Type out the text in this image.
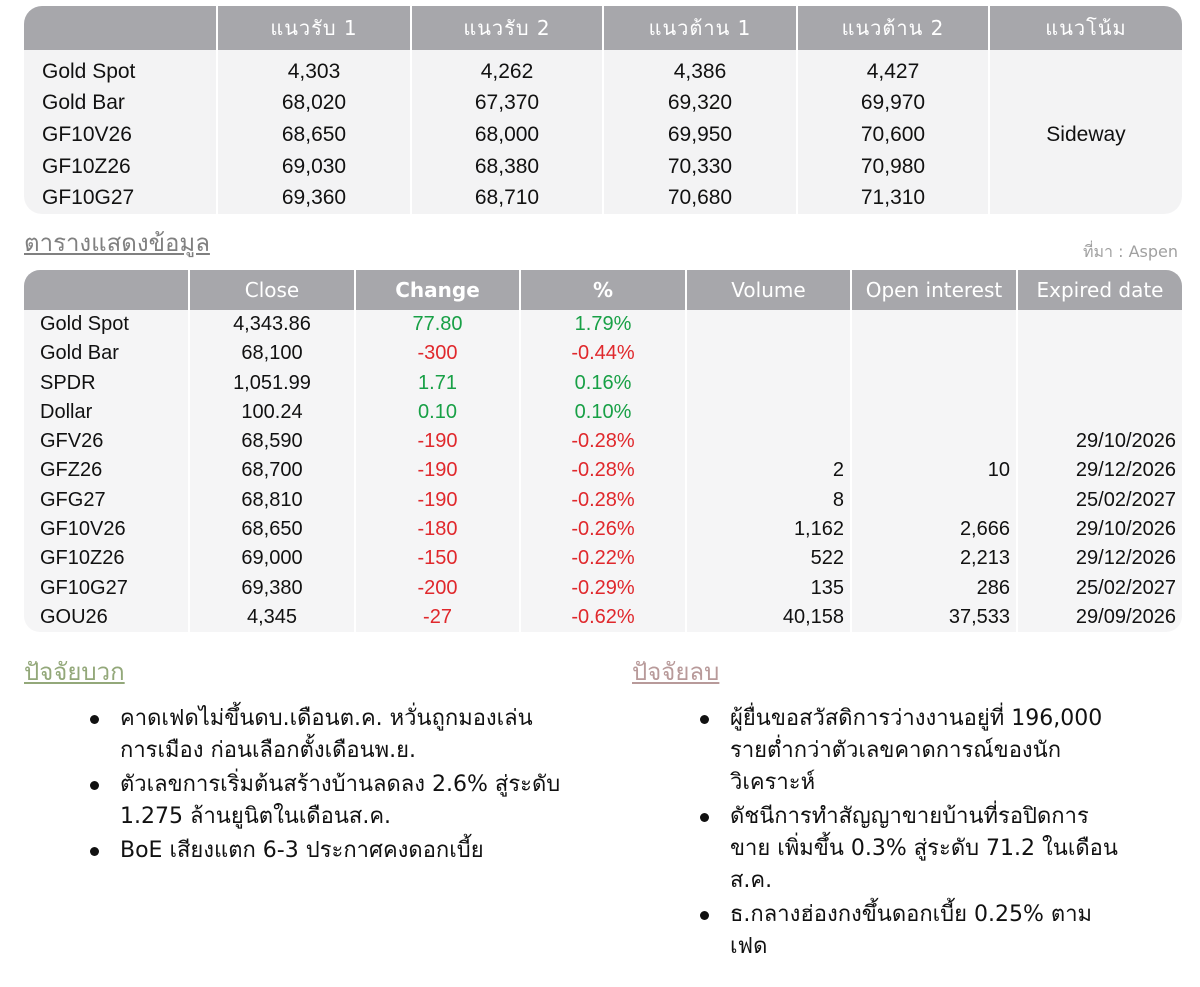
	แนวรับ 1	แนวรับ 2	แนวต้าน 1	แนวต้าน 2	แนวโน้ม
Gold Spot	4,303	4,262	4,386	4,427	Sideway
Gold Bar	68,020	67,370	69,320	69,970	
GF10V26	68,650	68,000	69,950	70,600	
GF10Z26	69,030	68,380	70,330	70,980	
GF10G27	69,360	68,710	70,680	71,310	
ตารางแสดงข้อมูล	ที่มา : Aspen
	Close	Change	%	Volume	Open interest	Expired date
Gold Spot	4,343.86	77.80	1.79%			
Gold Bar	68,100	-300	-0.44%			
SPDR	1,051.99	1.71	0.16%			
Dollar	100.24	0.10	0.10%			
GFV26	68,590	-190	-0.28%			29/10/2026
GFZ26	68,700	-190	-0.28%	2	10	29/12/2026
GFG27	68,810	-190	-0.28%	8		25/02/2027
GF10V26	68,650	-180	-0.26%	1,162	2,666	29/10/2026
GF10Z26	69,000	-150	-0.22%	522	2,213	29/12/2026
GF10G27	69,380	-200	-0.29%	135	286	25/02/2027
GOU26	4,345	-27	-0.62%	40,158	37,533	29/09/2026
ปัจจัยบวก	ปัจจัยลบ
คาดเฟดไม่ขึ้นดบ.เดือนต.ค. หวั่นถูกมองเล่นการเมือง ก่อนเลือกตั้งเดือนพ.ย.
ตัวเลขการเริ่มต้นสร้างบ้านลดลง 2.6% สู่ระดับ 1.275 ล้านยูนิตในเดือนส.ค.
BoE เสียงแตก 6-3 ประกาศคงดอกเบี้ย
ผู้ยื่นขอสวัสดิการว่างงานอยู่ที่ 196,000 รายต่ำกว่าตัวเลขคาดการณ์ของนักวิเคราะห์
ดัชนีการทำสัญญาขายบ้านที่รอปิดการขาย เพิ่มขึ้น 0.3% สู่ระดับ 71.2 ในเดือนส.ค.
ธ.กลางฮ่องกงขึ้นดอกเบี้ย 0.25% ตามเฟด
